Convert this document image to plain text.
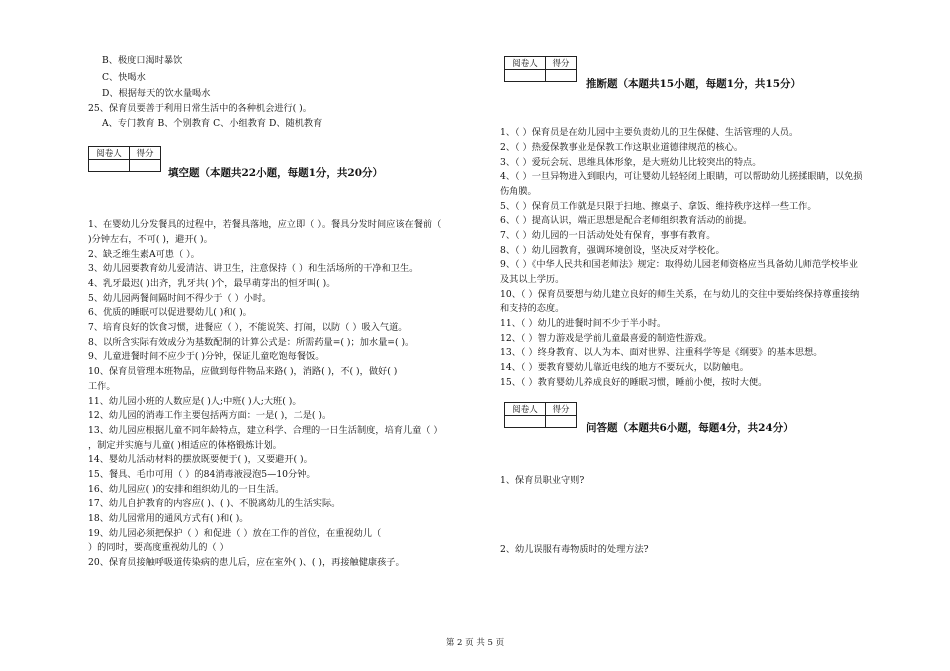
B、极度口渴时暴饮
C、快喝水
D、根据每天的饮水量喝水
25、保育员要善于利用日常生活中的各种机会进行( )。
A、专门教育 B、个别教育 C、小组教育 D、随机教育
阅卷人	得分

填空题（本题共22小题，每题1分，共20分）
1、在婴幼儿分发餐具的过程中，若餐具落地，应立即（ ）。餐具分发时间应该在餐前（
)分钟左右，不可( )，避开( )。
2、缺乏维生素A可患（ ）。
3、幼儿园要教育幼儿爱清洁、讲卫生，注意保持（ ）和生活场所的干净和卫生。
4、乳牙最迟( )出齐，乳牙共( )个，最早萌芽出的恒牙叫( )。
5、幼儿园两餐间隔时间不得少于（ ）小时。
6、优质的睡眠可以促进婴幼儿( )和( )。
7、培育良好的饮食习惯，进餐应（ ），不能说笑、打闹，以防（ ）吸入气道。
8、以所含实际有效成分为基数配制的计算公式是：所需药量=( )；加水量=( )。
9、儿童进餐时间不应少于( )分钟，保证儿童吃饱每餐饭。
10、保育员管理本班物品，应做到每件物品来路( )，消路( )，不( )，做好( )
工作。
11、幼儿园小班的人数应是( )人;中班( )人;大班( )。
12、幼儿园的消毒工作主要包括两方面：一是( )，二是( )。
13、幼儿园应根据儿童不同年龄特点，建立科学、合理的一日生活制度，培育儿童（ ）
，制定并实施与儿童( )相适应的体格锻炼计划。
14、婴幼儿活动材料的摆放既要便于( )，又要避开( )。
15、餐具、毛巾可用（ ）的84消毒液浸泡5—10分钟。
16、幼儿园应( )的安排和组织幼儿的一日生活。
17、幼儿自护教育的内容应( )、( )、不脱离幼儿的生活实际。
18、幼儿园常用的通风方式有( )和( )。
19、幼儿园必须把保护（ ）和促进（ ）放在工作的首位，在重视幼儿（
）的同时，要高度重视幼儿的（ ）
20、保育员接触呼吸道传染病的患儿后，应在室外( )、( )，再接触健康孩子。
阅卷人	得分

推断题（本题共15小题，每题1分，共15分）
1、（ ）保育员是在幼儿园中主要负责幼儿的卫生保健、生活管理的人员。
2、（ ）热爱保教事业是保教工作这职业道德律规范的核心。
3、（ ）爱玩会玩、思维具体形象，是大班幼儿比较突出的特点。
4、（ ）一旦异物进入到眼内，可让婴幼儿轻轻闭上眼睛，可以帮助幼儿搓揉眼睛，以免损
伤角膜。
5、（ ）保育员工作就是只限于扫地、擦桌子、拿饭、维持秩序这样一些工作。
6、（ ）提高认识，端正思想是配合老师组织教育活动的前提。
7、（ ）幼儿园的一日活动处处有保育，事事有教育。
8、（ ）幼儿园教育，强调环境创设，坚决反对学校化。
9、（ ）《中华人民共和国老师法》规定：取得幼儿园老师资格应当具备幼儿师范学校毕业
及其以上学历。
10、（ ）保育员要想与幼儿建立良好的师生关系，在与幼儿的交往中要始终保持尊重接纳
和支持的态度。
11、（ ）幼儿的进餐时间不少于半小时。
12、（ ）智力游戏是学前儿童最喜爱的制造性游戏。
13、（ ）终身教育、以人为本、面对世界、注重科学等是《纲要》的基本思想。
14、（ ）要教育婴幼儿靠近电线的地方不要玩火，以防触电。
15、（ ）教育婴幼儿养成良好的睡眠习惯，睡前小便，按时大便。
阅卷人	得分

问答题（本题共6小题，每题4分，共24分）
1、保育员职业守则?
2、幼儿误服有毒物质时的处理方法?
第 2 页 共 5 页
